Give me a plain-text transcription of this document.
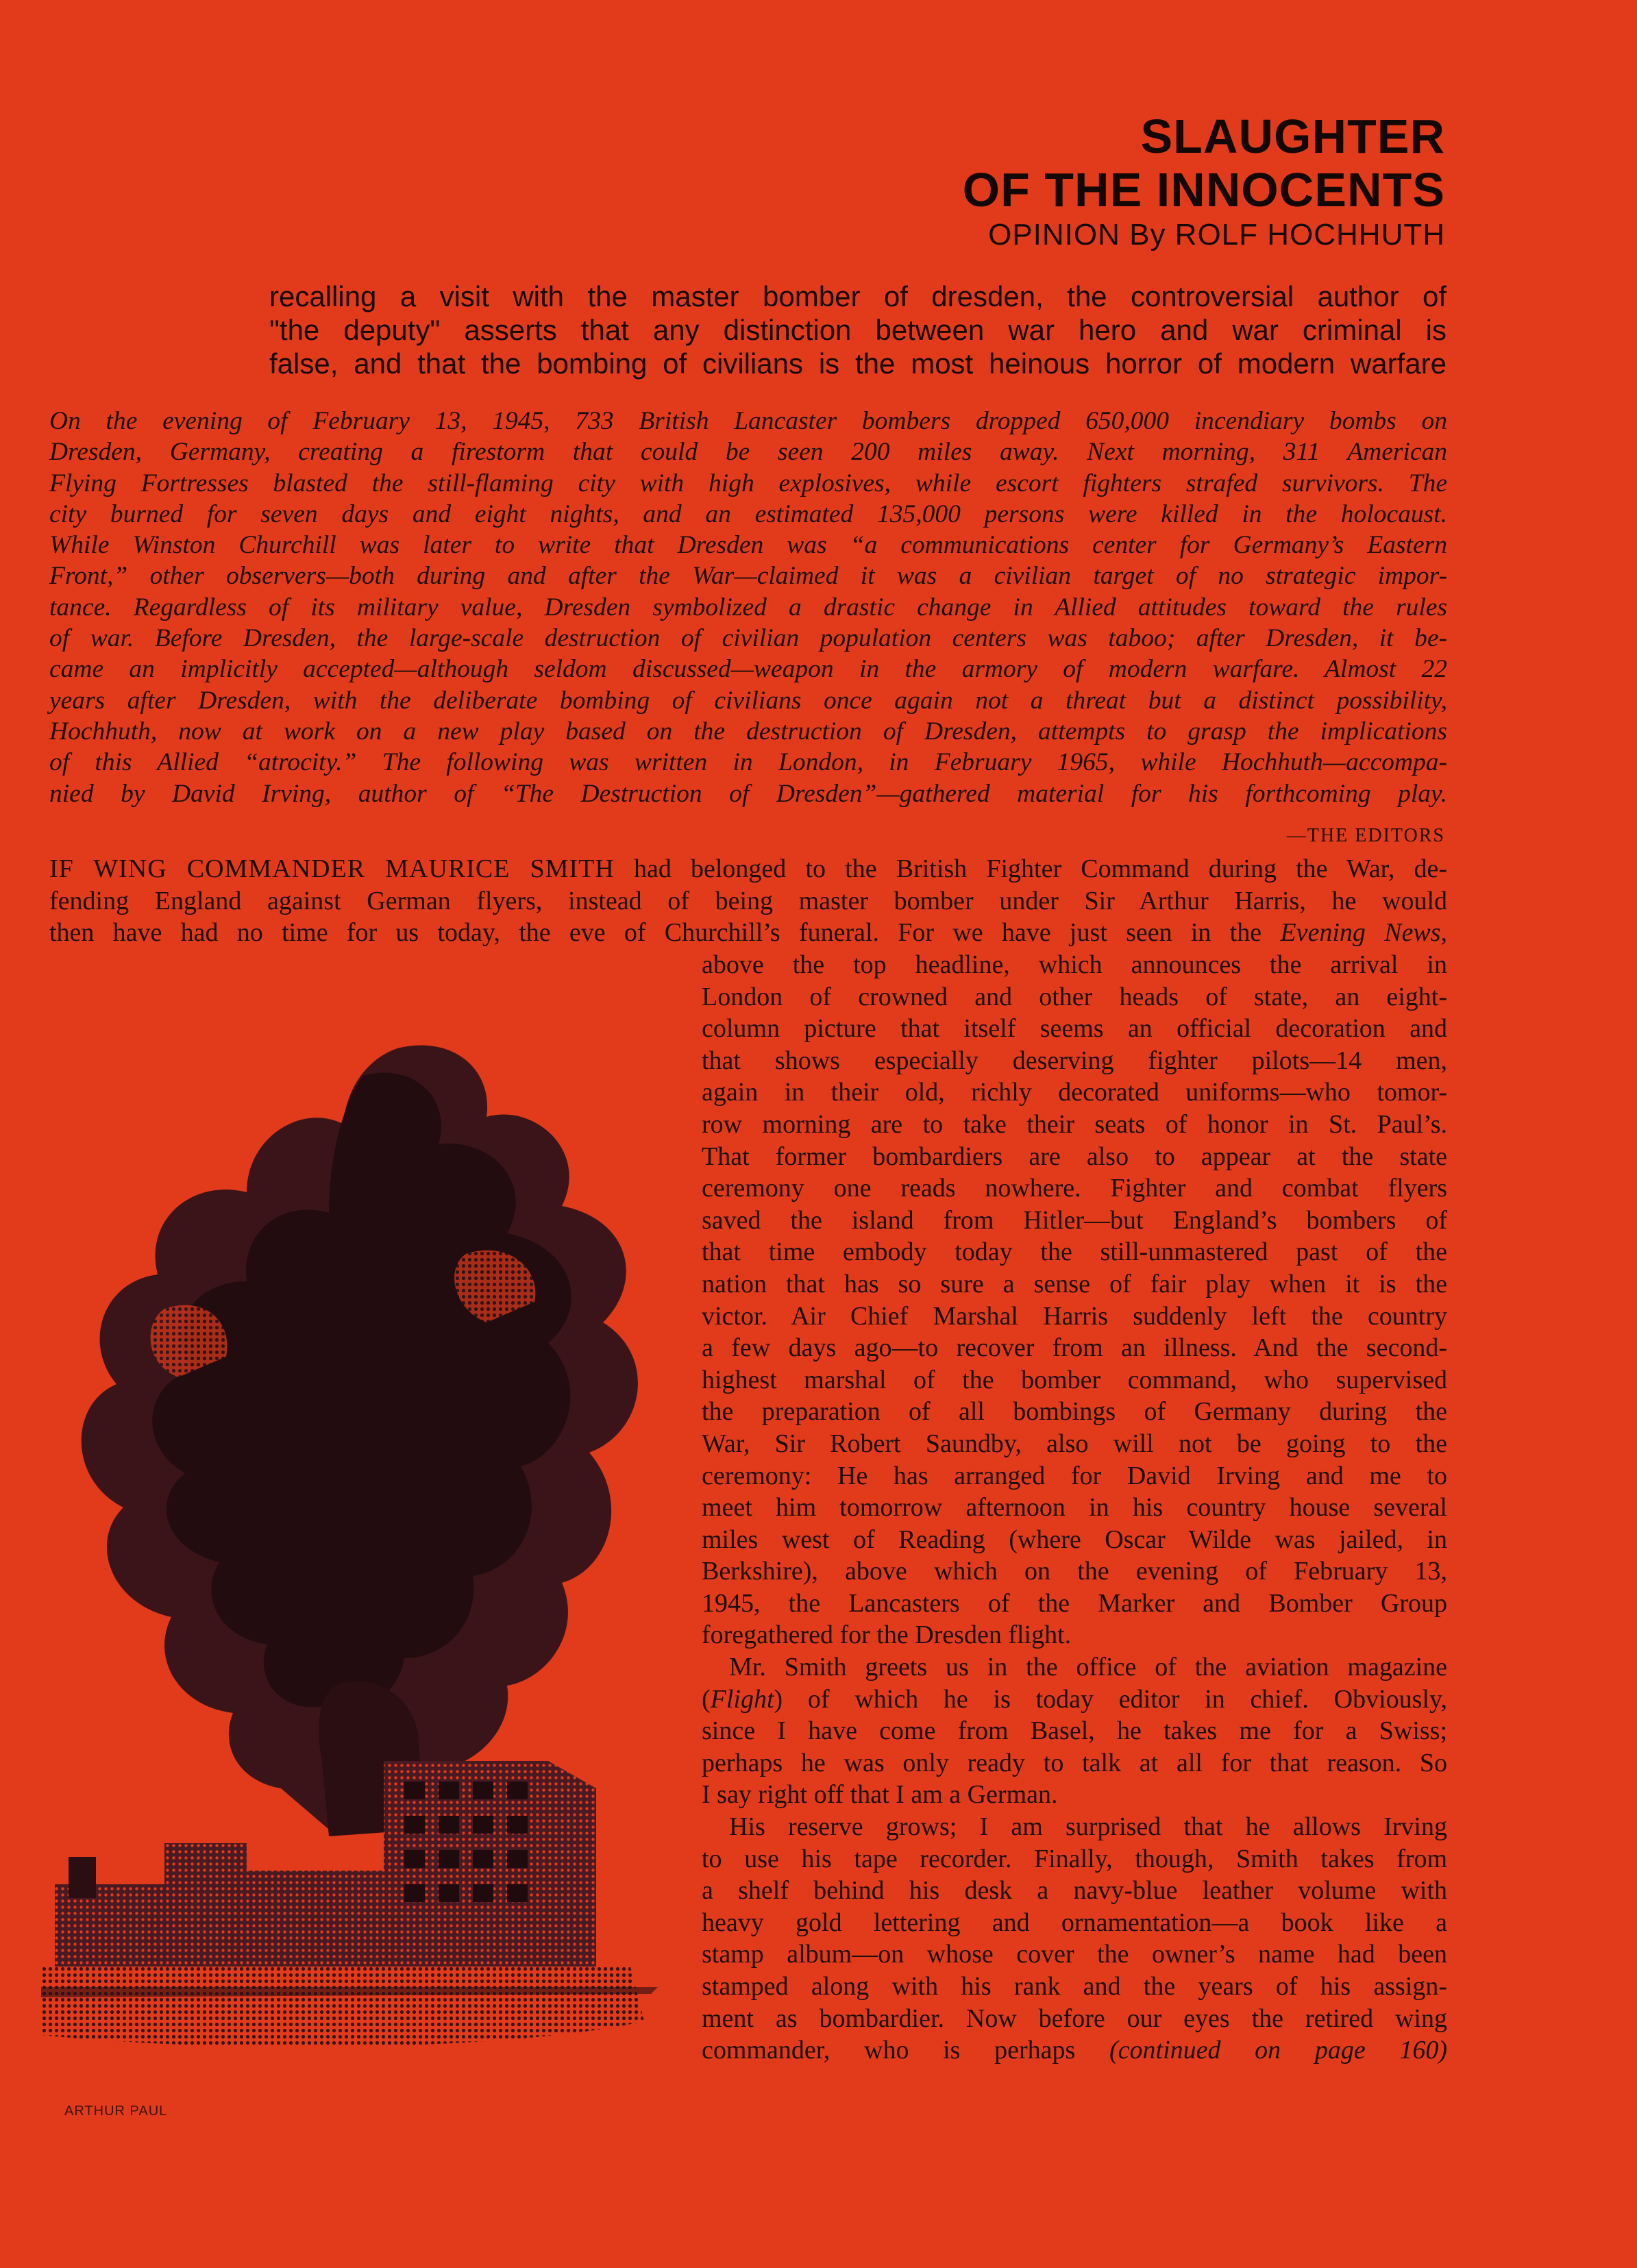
SLAUGHTER
OF THE INNOCENTS
OPINION By ROLF HOCHHUTH
recalling a visit with the master bomber of dresden, the controversial author of
"the deputy" asserts that any distinction between war hero and war criminal is
false, and that the bombing of civilians is the most heinous horror of modern warfare
On the evening of February 13, 1945, 733 British Lancaster bombers dropped 650,000 incendiary bombs on
Dresden, Germany, creating a firestorm that could be seen 200 miles away. Next morning, 311 American
Flying Fortresses blasted the still-flaming city with high explosives, while escort fighters strafed survivors. The
city burned for seven days and eight nights, and an estimated 135,000 persons were killed in the holocaust.
While Winston Churchill was later to write that Dresden was “a communications center for Germany’s Eastern
Front,” other observers—both during and after the War—claimed it was a civilian target of no strategic impor-
tance. Regardless of its military value, Dresden symbolized a drastic change in Allied attitudes toward the rules
of war. Before Dresden, the large-scale destruction of civilian population centers was taboo; after Dresden, it be-
came an implicitly accepted—although seldom discussed—weapon in the armory of modern warfare. Almost 22
years after Dresden, with the deliberate bombing of civilians once again not a threat but a distinct possibility,
Hochhuth, now at work on a new play based on the destruction of Dresden, attempts to grasp the implications
of this Allied “atrocity.” The following was written in London, in February 1965, while Hochhuth—accompa-
nied by David Irving, author of “The Destruction of Dresden”—gathered material for his forthcoming play.
—THE EDITORS
IF WING COMMANDER MAURICE SMITH had belonged to the British Fighter Command during the War, de-
fending England against German flyers, instead of being master bomber under Sir Arthur Harris, he would
then have had no time for us today, the eve of Churchill’s funeral. For we have just seen in the Evening News,
above the top headline, which announces the arrival in
London of crowned and other heads of state, an eight-
column picture that itself seems an official decoration and
that shows especially deserving fighter pilots—14 men,
again in their old, richly decorated uniforms—who tomor-
row morning are to take their seats of honor in St. Paul’s.
That former bombardiers are also to appear at the state
ceremony one reads nowhere. Fighter and combat flyers
saved the island from Hitler—but England’s bombers of
that time embody today the still-unmastered past of the
nation that has so sure a sense of fair play when it is the
victor. Air Chief Marshal Harris suddenly left the country
a few days ago—to recover from an illness. And the second-
highest marshal of the bomber command, who supervised
the preparation of all bombings of Germany during the
War, Sir Robert Saundby, also will not be going to the
ceremony: He has arranged for David Irving and me to
meet him tomorrow afternoon in his country house several
miles west of Reading (where Oscar Wilde was jailed, in
Berkshire), above which on the evening of February 13,
1945, the Lancasters of the Marker and Bomber Group
foregathered for the Dresden flight.
Mr. Smith greets us in the office of the aviation magazine
(Flight) of which he is today editor in chief. Obviously,
since I have come from Basel, he takes me for a Swiss;
perhaps he was only ready to talk at all for that reason. So
I say right off that I am a German.
His reserve grows; I am surprised that he allows Irving
to use his tape recorder. Finally, though, Smith takes from
a shelf behind his desk a navy-blue leather volume with
heavy gold lettering and ornamentation—a book like a
stamp album—on whose cover the owner’s name had been
stamped along with his rank and the years of his assign-
ment as bombardier. Now before our eyes the retired wing
commander, who is perhaps (continued on page 160)
ARTHUR PAUL
